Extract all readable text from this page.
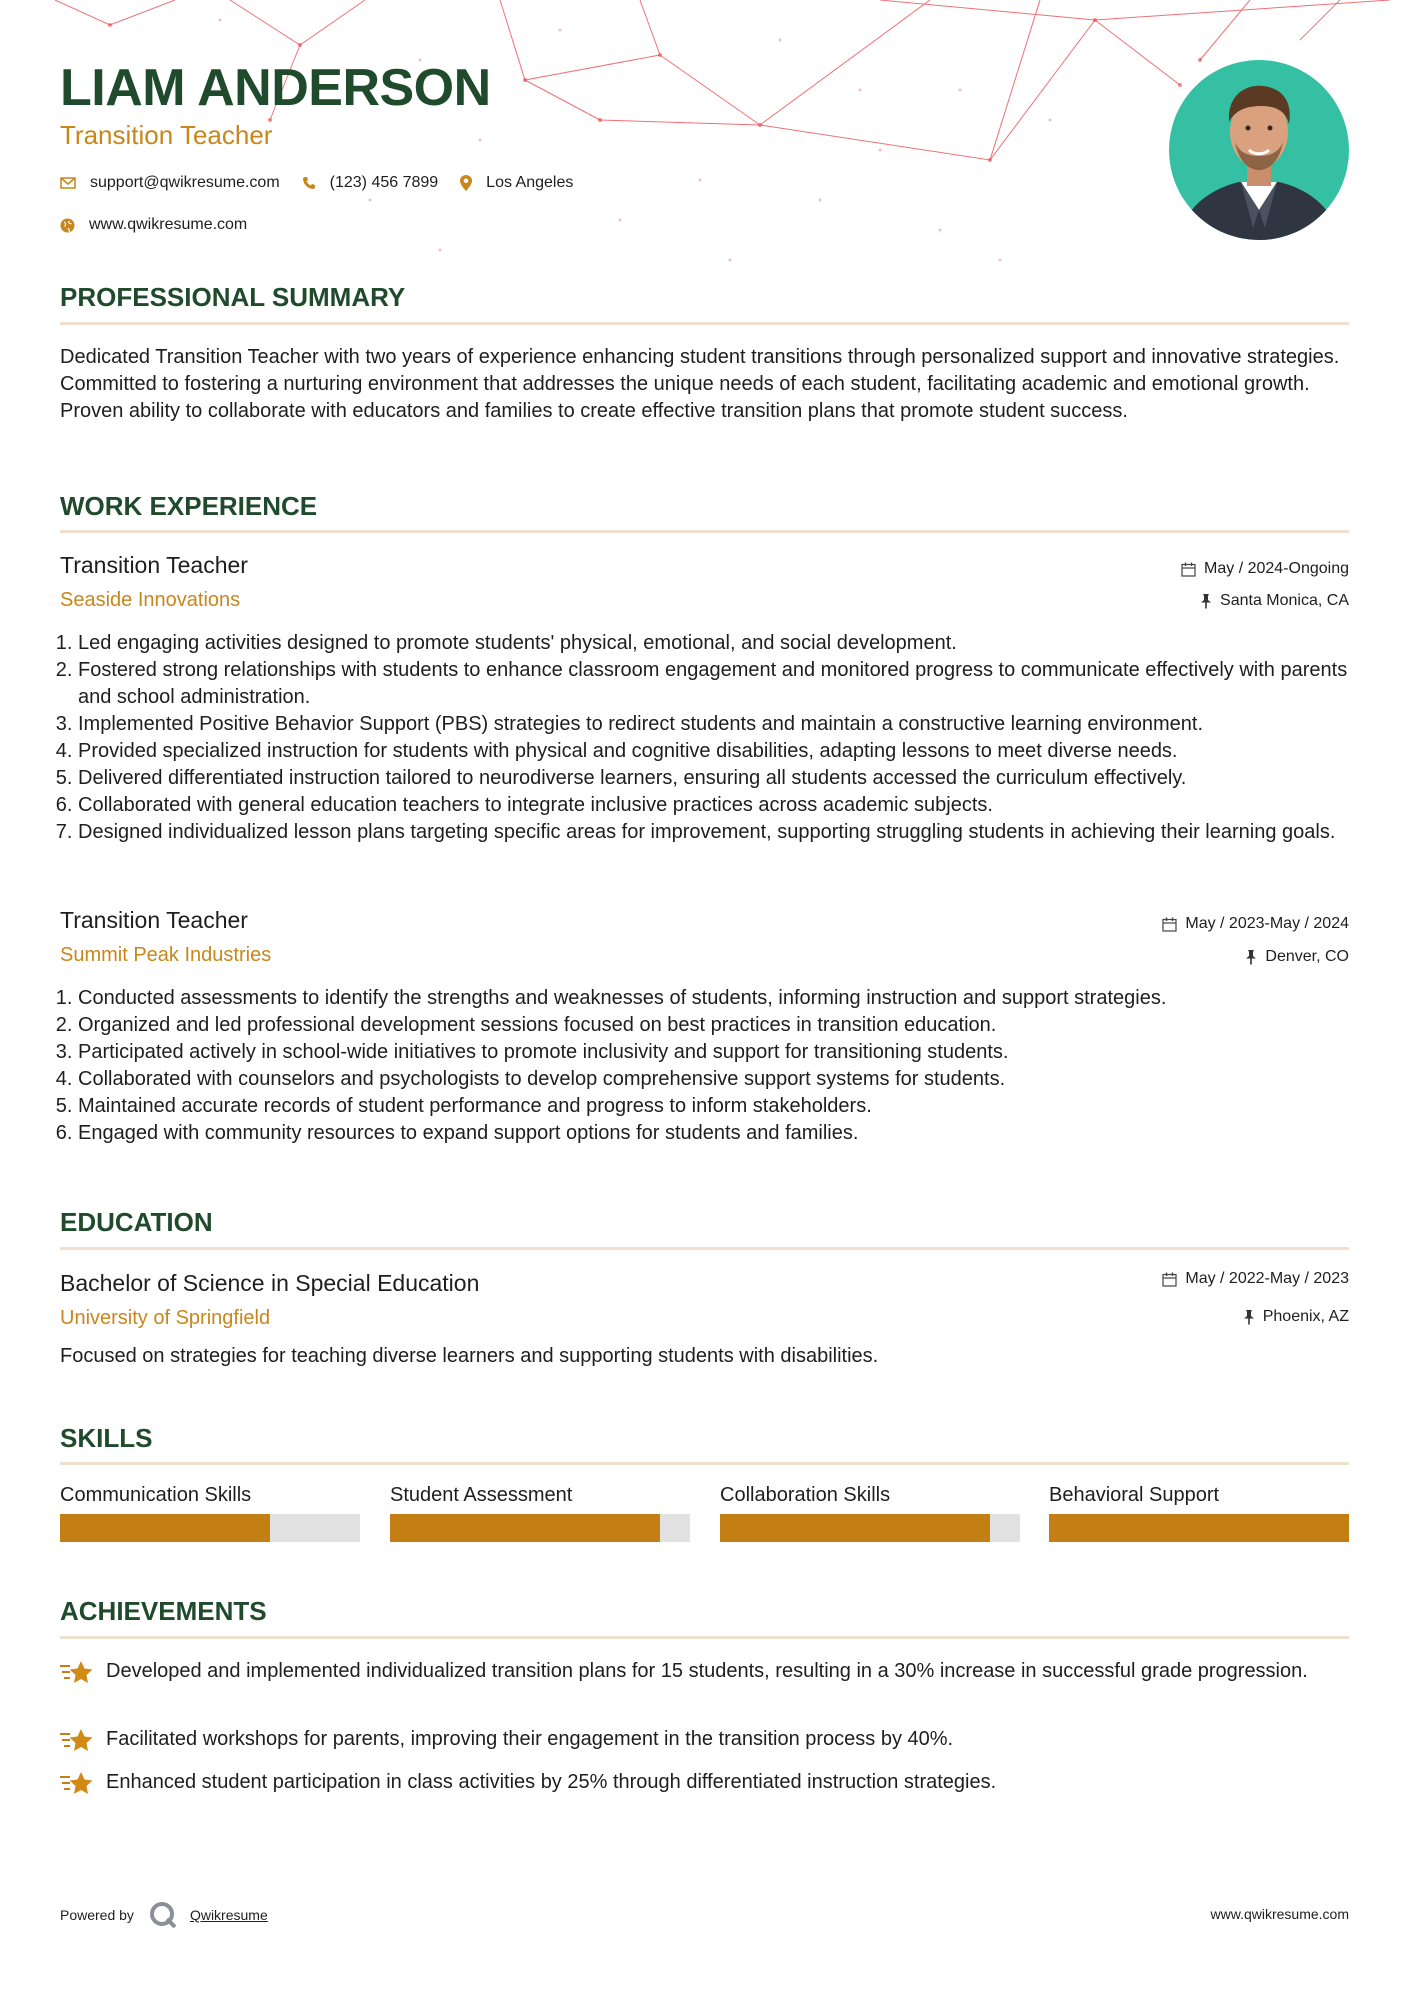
LIAM ANDERSON
Transition Teacher
support@qwikresume.com	(123) 456 7899	Los Angeles
www.qwikresume.com
PROFESSIONAL SUMMARY
Dedicated Transition Teacher with two years of experience enhancing student transitions through personalized support and innovative strategies. Committed to fostering a nurturing environment that addresses the unique needs of each student, facilitating academic and emotional growth. Proven ability to collaborate with educators and families to create effective transition plans that promote student success.
WORK EXPERIENCE
Transition Teacher
Seaside Innovations
May / 2024-Ongoing
Santa Monica, CA
1. Led engaging activities designed to promote students' physical, emotional, and social development.
2. Fostered strong relationships with students to enhance classroom engagement and monitored progress to communicate effectively with parents and school administration.
3. Implemented Positive Behavior Support (PBS) strategies to redirect students and maintain a constructive learning environment.
4. Provided specialized instruction for students with physical and cognitive disabilities, adapting lessons to meet diverse needs.
5. Delivered differentiated instruction tailored to neurodiverse learners, ensuring all students accessed the curriculum effectively.
6. Collaborated with general education teachers to integrate inclusive practices across academic subjects.
7. Designed individualized lesson plans targeting specific areas for improvement, supporting struggling students in achieving their learning goals.
Transition Teacher
Summit Peak Industries
May / 2023-May / 2024
Denver, CO
1. Conducted assessments to identify the strengths and weaknesses of students, informing instruction and support strategies.
2. Organized and led professional development sessions focused on best practices in transition education.
3. Participated actively in school-wide initiatives to promote inclusivity and support for transitioning students.
4. Collaborated with counselors and psychologists to develop comprehensive support systems for students.
5. Maintained accurate records of student performance and progress to inform stakeholders.
6. Engaged with community resources to expand support options for students and families.
EDUCATION
Bachelor of Science in Special Education
University of Springfield
May / 2022-May / 2023
Phoenix, AZ
Focused on strategies for teaching diverse learners and supporting students with disabilities.
SKILLS
Communication Skills	Student Assessment	Collaboration Skills	Behavioral Support
ACHIEVEMENTS
Developed and implemented individualized transition plans for 15 students, resulting in a 30% increase in successful grade progression.
Facilitated workshops for parents, improving their engagement in the transition process by 40%.
Enhanced student participation in class activities by 25% through differentiated instruction strategies.
Powered by	Qwikresume	www.qwikresume.com
